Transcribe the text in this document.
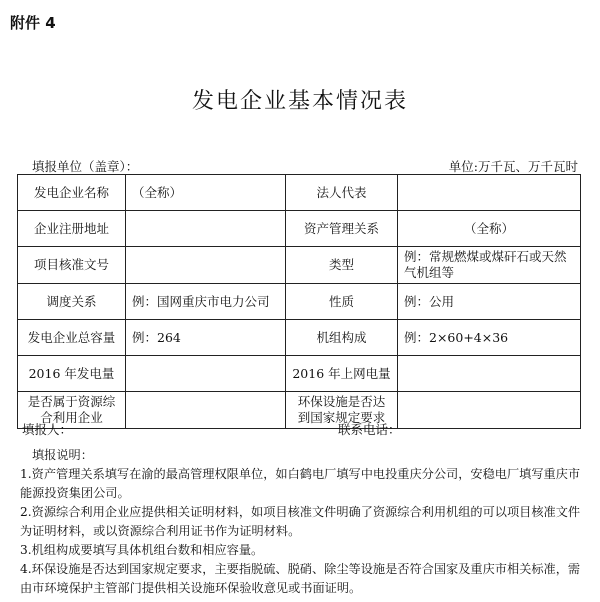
附件 4
发电企业基本情况表
填报单位（盖章）：	单位:万千瓦、万千瓦时
发电企业名称	（全称）	法人代表	
企业注册地址		资产管理关系	（全称）
项目核准文号		类型	例：常规燃煤或煤矸石或天然气机组等
调度关系	例：国网重庆市电力公司	性质	例：公用
发电企业总容量	例：264	机组构成	例：2×60+4×36
2016 年发电量		2016 年上网电量	
是否属于资源综合利用企业		环保设施是否达到国家规定要求	
填报人：	联系电话：

填报说明：

1.资产管理关系填写在渝的最高管理权限单位，如白鹤电厂填写中电投重庆分公司，安稳电厂填写重庆市能源投资集团公司。

2.资源综合利用企业应提供相关证明材料，如项目核准文件明确了资源综合利用机组的可以项目核准文件为证明材料，或以资源综合利用证书作为证明材料。

3.机组构成要填写具体机组台数和相应容量。

4.环保设施是否达到国家规定要求，主要指脱硫、脱硝、除尘等设施是否符合国家及重庆市相关标准，需由市环境保护主管部门提供相关设施环保验收意见或书面证明。
